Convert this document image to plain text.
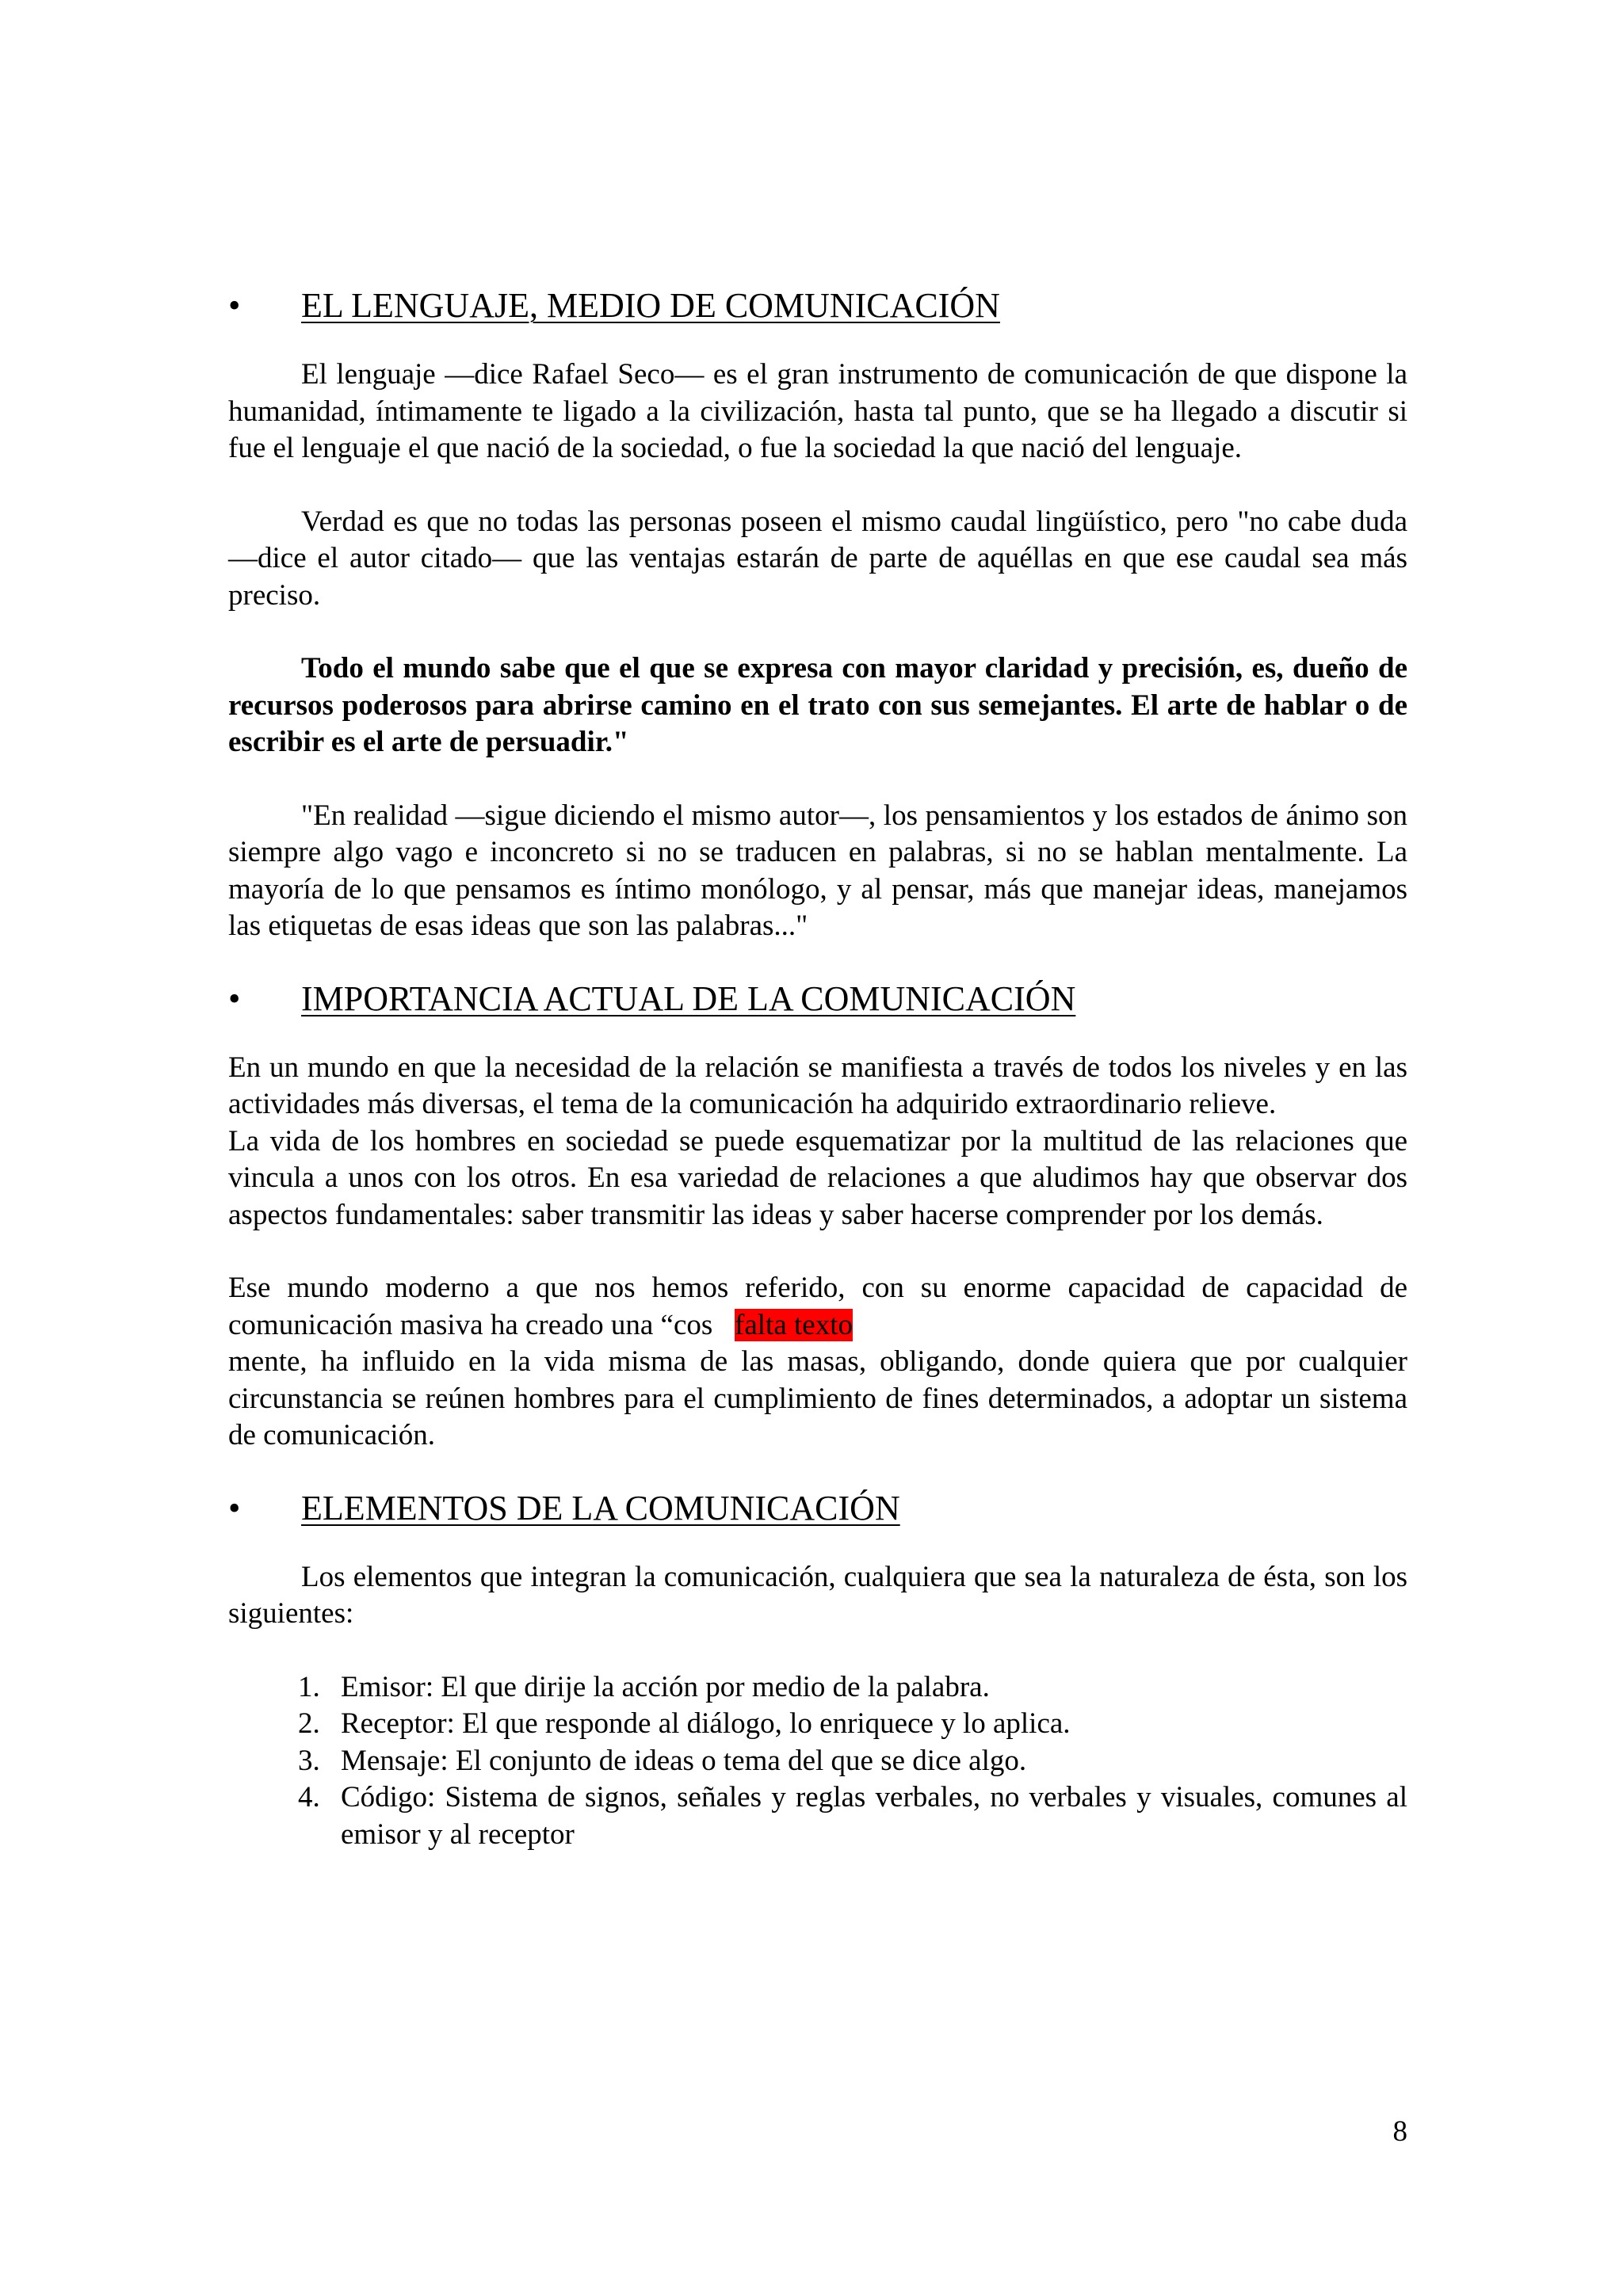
•	EL LENGUAJE, MEDIO DE COMUNICACIÓN

El lenguaje —dice Rafael Seco— es el gran instrumento de comunicación de que dispone la humanidad, íntimamente te ligado a la civilización, hasta tal punto, que se ha llegado a discutir si fue el lenguaje el que nació de la sociedad, o fue la sociedad la que nació del lenguaje.

Verdad es que no todas las personas poseen el mismo caudal lingüístico, pero "no cabe duda —dice el autor citado— que las ventajas estarán de parte de aquéllas en que ese caudal sea más preciso.

Todo el mundo sabe que el que se expresa con mayor claridad y precisión, es, dueño de recursos poderosos para abrirse camino en el trato con sus semejantes. El arte de hablar o de escribir es el arte de persuadir."

"En realidad —sigue diciendo el mismo autor—, los pensamientos y los estados de ánimo son siempre algo vago e inconcreto si no se traducen en palabras, si no se hablan mentalmente. La mayoría de lo que pensamos es íntimo monólogo, y al pensar, más que manejar ideas, manejamos las etiquetas de esas ideas que son las palabras..."

•	IMPORTANCIA ACTUAL DE LA COMUNICACIÓN

En un mundo en que la necesidad de la relación se manifiesta a través de todos los niveles y en las actividades más diversas, el tema de la comunicación ha adquirido extraordinario relieve.

La vida de los hombres en sociedad se puede esquematizar por la multitud de las relaciones que vincula a unos con los otros. En esa variedad de relaciones a que aludimos hay que observar dos aspectos fundamentales: saber transmitir las ideas y saber hacerse comprender por los demás.

Ese mundo moderno a que nos hemos referido, con su enorme capacidad de capacidad de comunicación masiva ha creado una “cos falta texto

mente, ha influido en la vida misma de las masas, obligando, donde quiera que por cualquier circunstancia se reúnen hombres para el cumplimiento de fines determinados, a adoptar un sistema de comunicación.

•	ELEMENTOS DE LA COMUNICACIÓN

Los elementos que integran la comunicación, cualquiera que sea la naturaleza de ésta, son los siguientes:

1. Emisor: El que dirije la acción por medio de la palabra.
2. Receptor: El que responde al diálogo, lo enriquece y lo aplica.
3. Mensaje: El conjunto de ideas o tema del que se dice algo.
4. Código: Sistema de signos, señales y reglas verbales, no verbales y visuales, comunes al emisor y al receptor
8
